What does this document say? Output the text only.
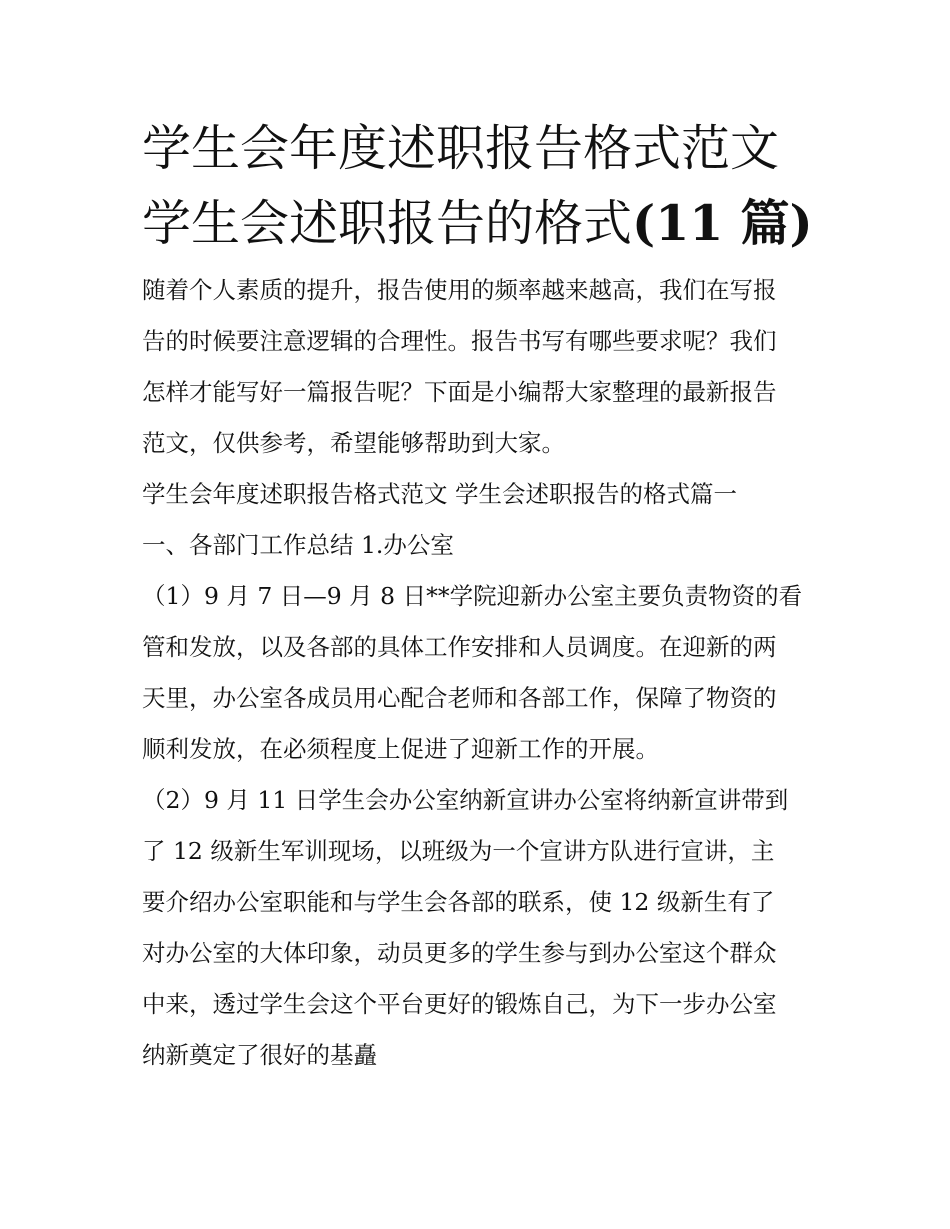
学生会年度述职报告格式范文
学生会述职报告的格式(11 篇)

随着个人素质的提升，报告使用的频率越来越高，我们在写报
告的时候要注意逻辑的合理性。报告书写有哪些要求呢？我们
怎样才能写好一篇报告呢？下面是小编帮大家整理的最新报告
范文，仅供参考，希望能够帮助到大家。

学生会年度述职报告格式范文 学生会述职报告的格式篇一

一、各部门工作总结 1.办公室

（1）9 月 7 日—9 月 8 日**学院迎新办公室主要负责物资的看
管和发放，以及各部的具体工作安排和人员调度。在迎新的两
天里，办公室各成员用心配合老师和各部工作，保障了物资的
顺利发放，在必须程度上促进了迎新工作的开展。

（2）9 月 11 日学生会办公室纳新宣讲办公室将纳新宣讲带到
了 12 级新生军训现场，以班级为一个宣讲方队进行宣讲，主
要介绍办公室职能和与学生会各部的联系，使 12 级新生有了
对办公室的大体印象，动员更多的学生参与到办公室这个群众
中来，透过学生会这个平台更好的锻炼自己，为下一步办公室
纳新奠定了很好的基矗
